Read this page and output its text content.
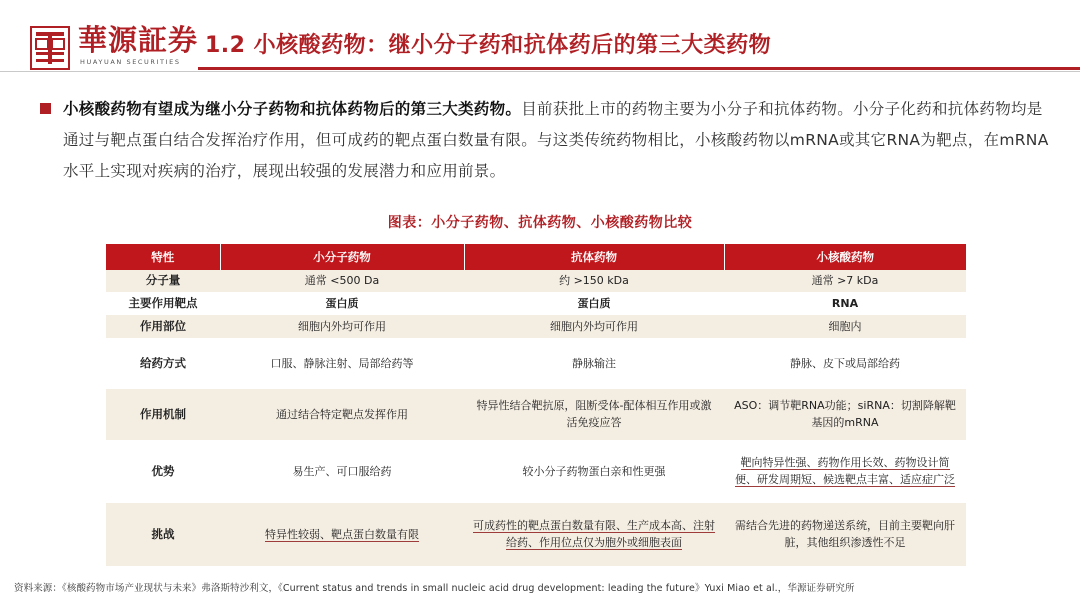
華源証券
HUAYUAN SECURITIES
1.2 小核酸药物：继小分子药和抗体药后的第三大类药物

小核酸药物有望成为继小分子药物和抗体药物后的第三大类药物。目前获批上市的药物主要为小分子和抗体药物。小分子化药和抗体药物均是通过与靶点蛋白结合发挥治疗作用，但可成药的靶点蛋白数量有限。与这类传统药物相比，小核酸药物以mRNA或其它RNA为靶点，在mRNA水平上实现对疾病的治疗，展现出较强的发展潜力和应用前景。

图表：小分子药物、抗体药物、小核酸药物比较
特性	小分子药物	抗体药物	小核酸药物
分子量	通常 <500 Da	约 >150 kDa	通常 >7 kDa
主要作用靶点	蛋白质	蛋白质	RNA
作用部位	细胞内外均可作用	细胞内外均可作用	细胞内
给药方式	口服、静脉注射、局部给药等	静脉输注	静脉、皮下或局部给药
作用机制	通过结合特定靶点发挥作用	特异性结合靶抗原，阻断受体-配体相互作用或激活免疫应答	ASO：调节靶RNA功能；siRNA：切割降解靶基因的mRNA
优势	易生产、可口服给药	较小分子药物蛋白亲和性更强	靶向特异性强、药物作用长效、药物设计简便、研发周期短、候选靶点丰富、适应症广泛
挑战	特异性较弱、靶点蛋白数量有限	可成药性的靶点蛋白数量有限、生产成本高、注射给药、作用位点仅为胞外或细胞表面	需结合先进的药物递送系统，目前主要靶向肝脏，其他组织渗透性不足
资料来源：《核酸药物市场产业现状与未来》弗洛斯特沙利文，《Current status and trends in small nucleic acid drug development: leading the future》Yuxi Miao et al.，华源证券研究所
